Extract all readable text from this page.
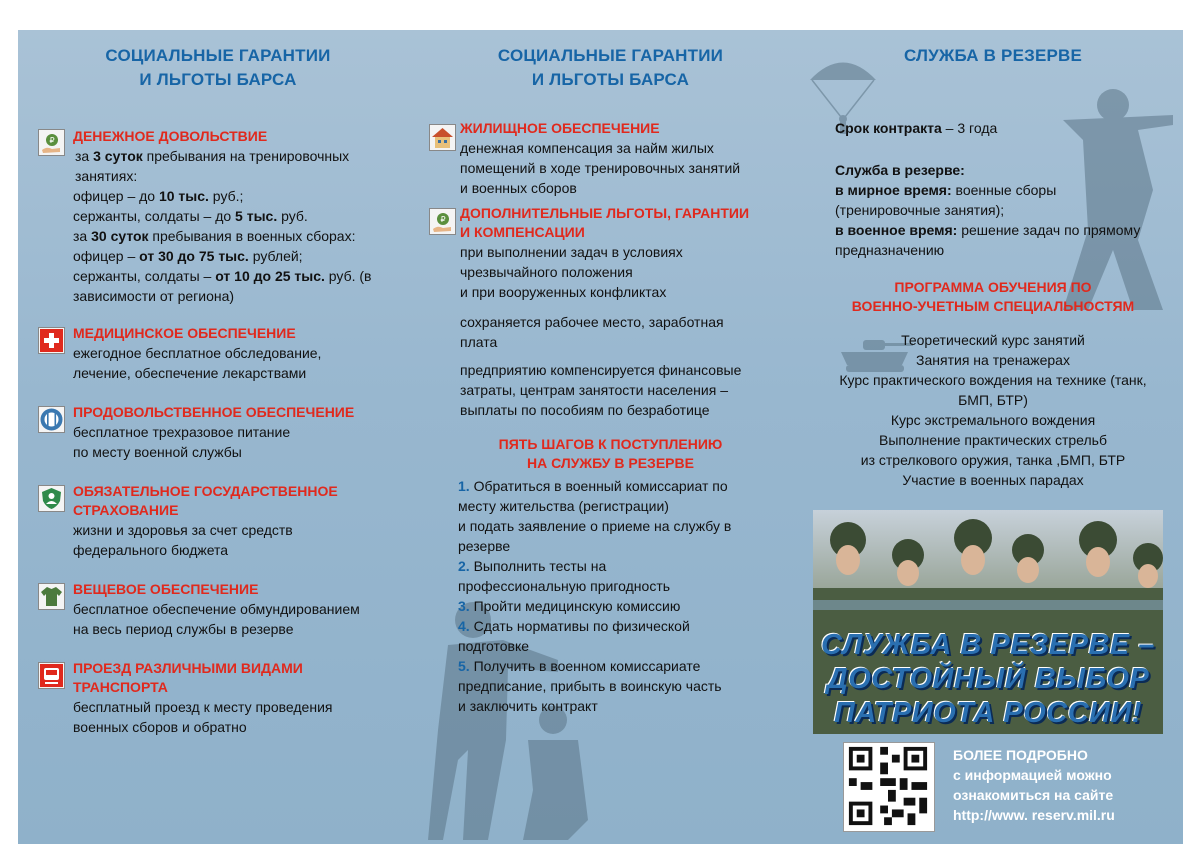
СОЦИАЛЬНЫЕ ГАРАНТИИ
И ЛЬГОТЫ БАРСА
₽ ДЕНЕЖНОЕ ДОВОЛЬСТВИЕ
за 3 суток пребывания на тренировочных
занятиях:
офицер – до 10 тыс. руб.;
сержанты, солдаты – до 5 тыс. руб.
за 30 суток пребывания в военных сборах:
офицер – от 30 до 75 тыс. рублей;
сержанты, солдаты – от 10 до 25 тыс. руб. (в
зависимости от региона)
МЕДИЦИНСКОЕ ОБЕСПЕЧЕНИЕ
ежегодное бесплатное обследование,
лечение, обеспечение лекарствами
ПРОДОВОЛЬСТВЕННОЕ ОБЕСПЕЧЕНИЕ
бесплатное трехразовое питание
по месту военной службы
ОБЯЗАТЕЛЬНОЕ ГОСУДАРСТВЕННОЕ
СТРАХОВАНИЕ
жизни и здоровья за счет средств
федерального бюджета
ВЕЩЕВОЕ ОБЕСПЕЧЕНИЕ
бесплатное обеспечение обмундированием
на весь период службы в резерве
ПРОЕЗД РАЗЛИЧНЫМИ ВИДАМИ
ТРАНСПОРТА
бесплатный проезд к месту проведения
военных сборов и обратно
СОЦИАЛЬНЫЕ ГАРАНТИИ
И ЛЬГОТЫ БАРСА
ЖИЛИЩНОЕ ОБЕСПЕЧЕНИЕ
денежная компенсация за найм жилых
помещений в ходе тренировочных занятий
и военных сборов
₽ ДОПОЛНИТЕЛЬНЫЕ ЛЬГОТЫ, ГАРАНТИИ
И КОМПЕНСАЦИИ
при выполнении задач в условиях
чрезвычайного положения
и при вооруженных конфликтах
сохраняется рабочее место, заработная
плата
предприятию компенсируется финансовые
затраты, центрам занятости населения –
выплаты по пособиям по безработице
ПЯТЬ ШАГОВ К ПОСТУПЛЕНИЮ
НА СЛУЖБУ В РЕЗЕРВЕ
1. Обратиться в военный комиссариат по
месту жительства (регистрации)
и подать заявление о приеме на службу в
резерве
2. Выполнить тесты на
профессиональную пригодность
3. Пройти медицинскую комиссию
4. Сдать нормативы по физической
подготовке
5. Получить в военном комиссариате
предписание, прибыть в воинскую часть
и заключить контракт
СЛУЖБА В РЕЗЕРВЕ
Срок контракта – 3 года
Служба в резерве:
в мирное время: военные сборы
(тренировочные занятия);
в военное время: решение задач по прямому
предназначению
ПРОГРАММА ОБУЧЕНИЯ ПО
ВОЕННО-УЧЕТНЫМ СПЕЦИАЛЬНОСТЯМ
Теоретический курс занятий
Занятия на тренажерах
Курс практического вождения на технике (танк,
БМП, БТР)
Курс экстремального вождения
Выполнение практических стрельб
из стрелкового оружия, танка ,БМП, БТР
Участие в военных парадах
СЛУЖБА В РЕЗЕРВЕ –
ДОСТОЙНЫЙ ВЫБОР
ПАТРИОТА РОССИИ!
БОЛЕЕ ПОДРОБНО
с информацией можно
ознакомиться на сайте
http://www. reserv.mil.ru
